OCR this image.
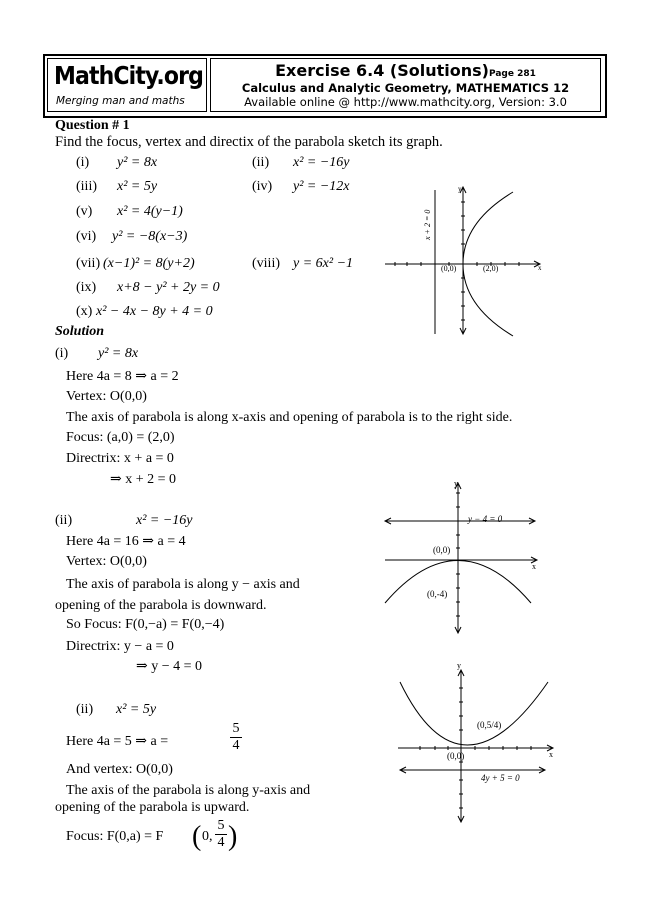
MathCity.org
Merging man and maths
Exercise 6.4 (Solutions)Page 281
Calculus and Analytic Geometry, MATHEMATICS 12
Available online @ http://www.mathcity.org, Version: 3.0
Question # 1
Find the focus, vertex and directix of the parabola sketch its graph.
(i) y² = 8x	(ii) x² = −16y
(iii) x² = 5y	(iv) y² = −12x
(v) x² = 4(y−1)
(vi) y² = −8(x−3)
(vii) (x−1)² = 8(y+2)	(viii) y = 6x² −1
(ix) x+8 − y² + 2y = 0
(x) x² − 4x − 8y + 4 = 0
x + 2 = 0
(0,0)	(2,0)	x
y
Solution
(i) y² = 8x
Here 4a = 8 ⇒ a = 2
Vertex: O(0,0)
The axis of parabola is along x-axis and opening of parabola is to the right side.
Focus: (a,0) = (2,0)
Directrix: x + a = 0
⇒ x + 2 = 0
y − 4 = 0
(0,0)
(0,-4)
x
y
(ii)	x² = −16y
Here 4a = 16 ⇒ a = 4
Vertex: O(0,0)
The axis of parabola is along y − axis and
opening of the parabola is downward.
So Focus: F(0,−a) = F(0,−4)
Directrix: y − a = 0
⇒ y − 4 = 0
(0,5/4)
(0,0)
4y + 5 = 0
x
y
(ii) x² = 5y
Here 4a = 5 ⇒ a =	$\frac{5}{4}$
And vertex: O(0,0)
The axis of the parabola is along y-axis and
opening of the parabola is upward.
Focus: F(0,a) = F ( 0, $\frac{5}{4}$ )
